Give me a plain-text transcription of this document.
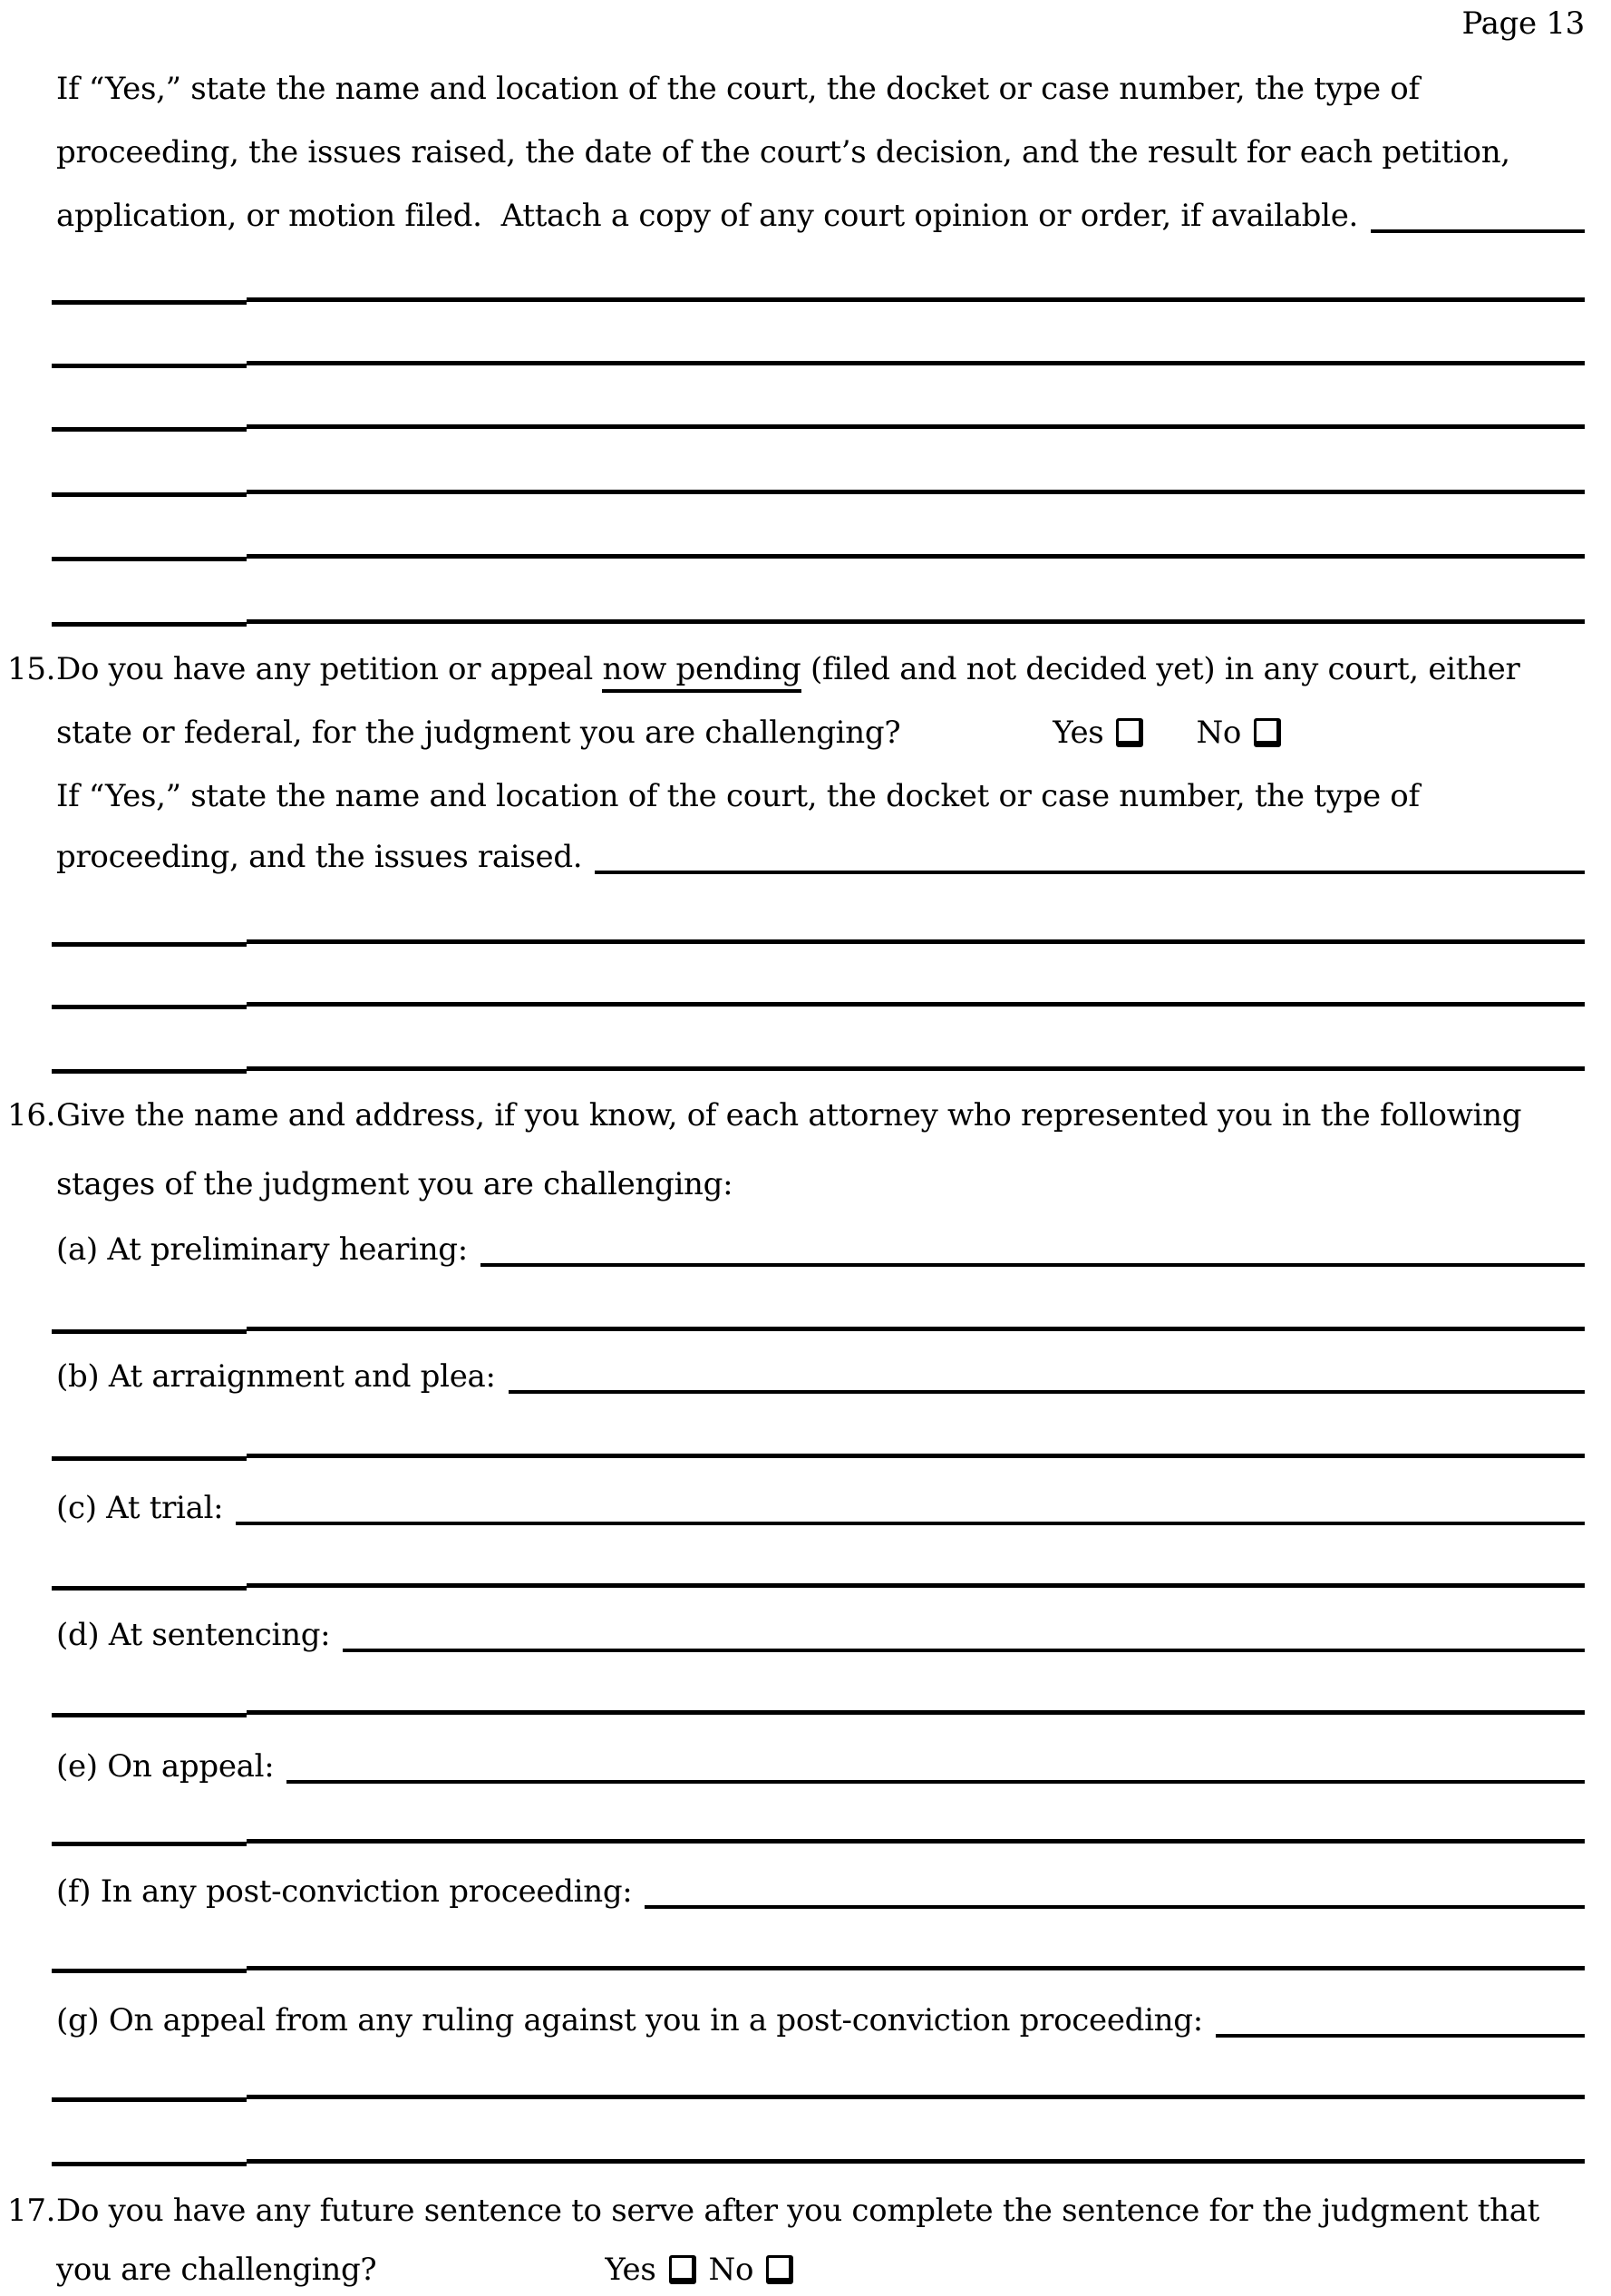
Page 13
If “Yes,” state the name and location of the court, the docket or case number, the type of
proceeding, the issues raised, the date of the court’s decision, and the result for each petition,
application, or motion filed.  Attach a copy of any court opinion or order, if available.
15. Do you have any petition or appeal now pending (filed and not decided yet) in any court, either
state or federal, for the judgment you are challenging?	Yes	No
If “Yes,” state the name and location of the court, the docket or case number, the type of
proceeding, and the issues raised.
16. Give the name and address, if you know, of each attorney who represented you in the following
stages of the judgment you are challenging:
(a) At preliminary hearing:
(b) At arraignment and plea:
(c) At trial:
(d) At sentencing:
(e) On appeal:
(f) In any post-conviction proceeding:
(g) On appeal from any ruling against you in a post-conviction proceeding:
17. Do you have any future sentence to serve after you complete the sentence for the judgment that
you are challenging?	Yes No
